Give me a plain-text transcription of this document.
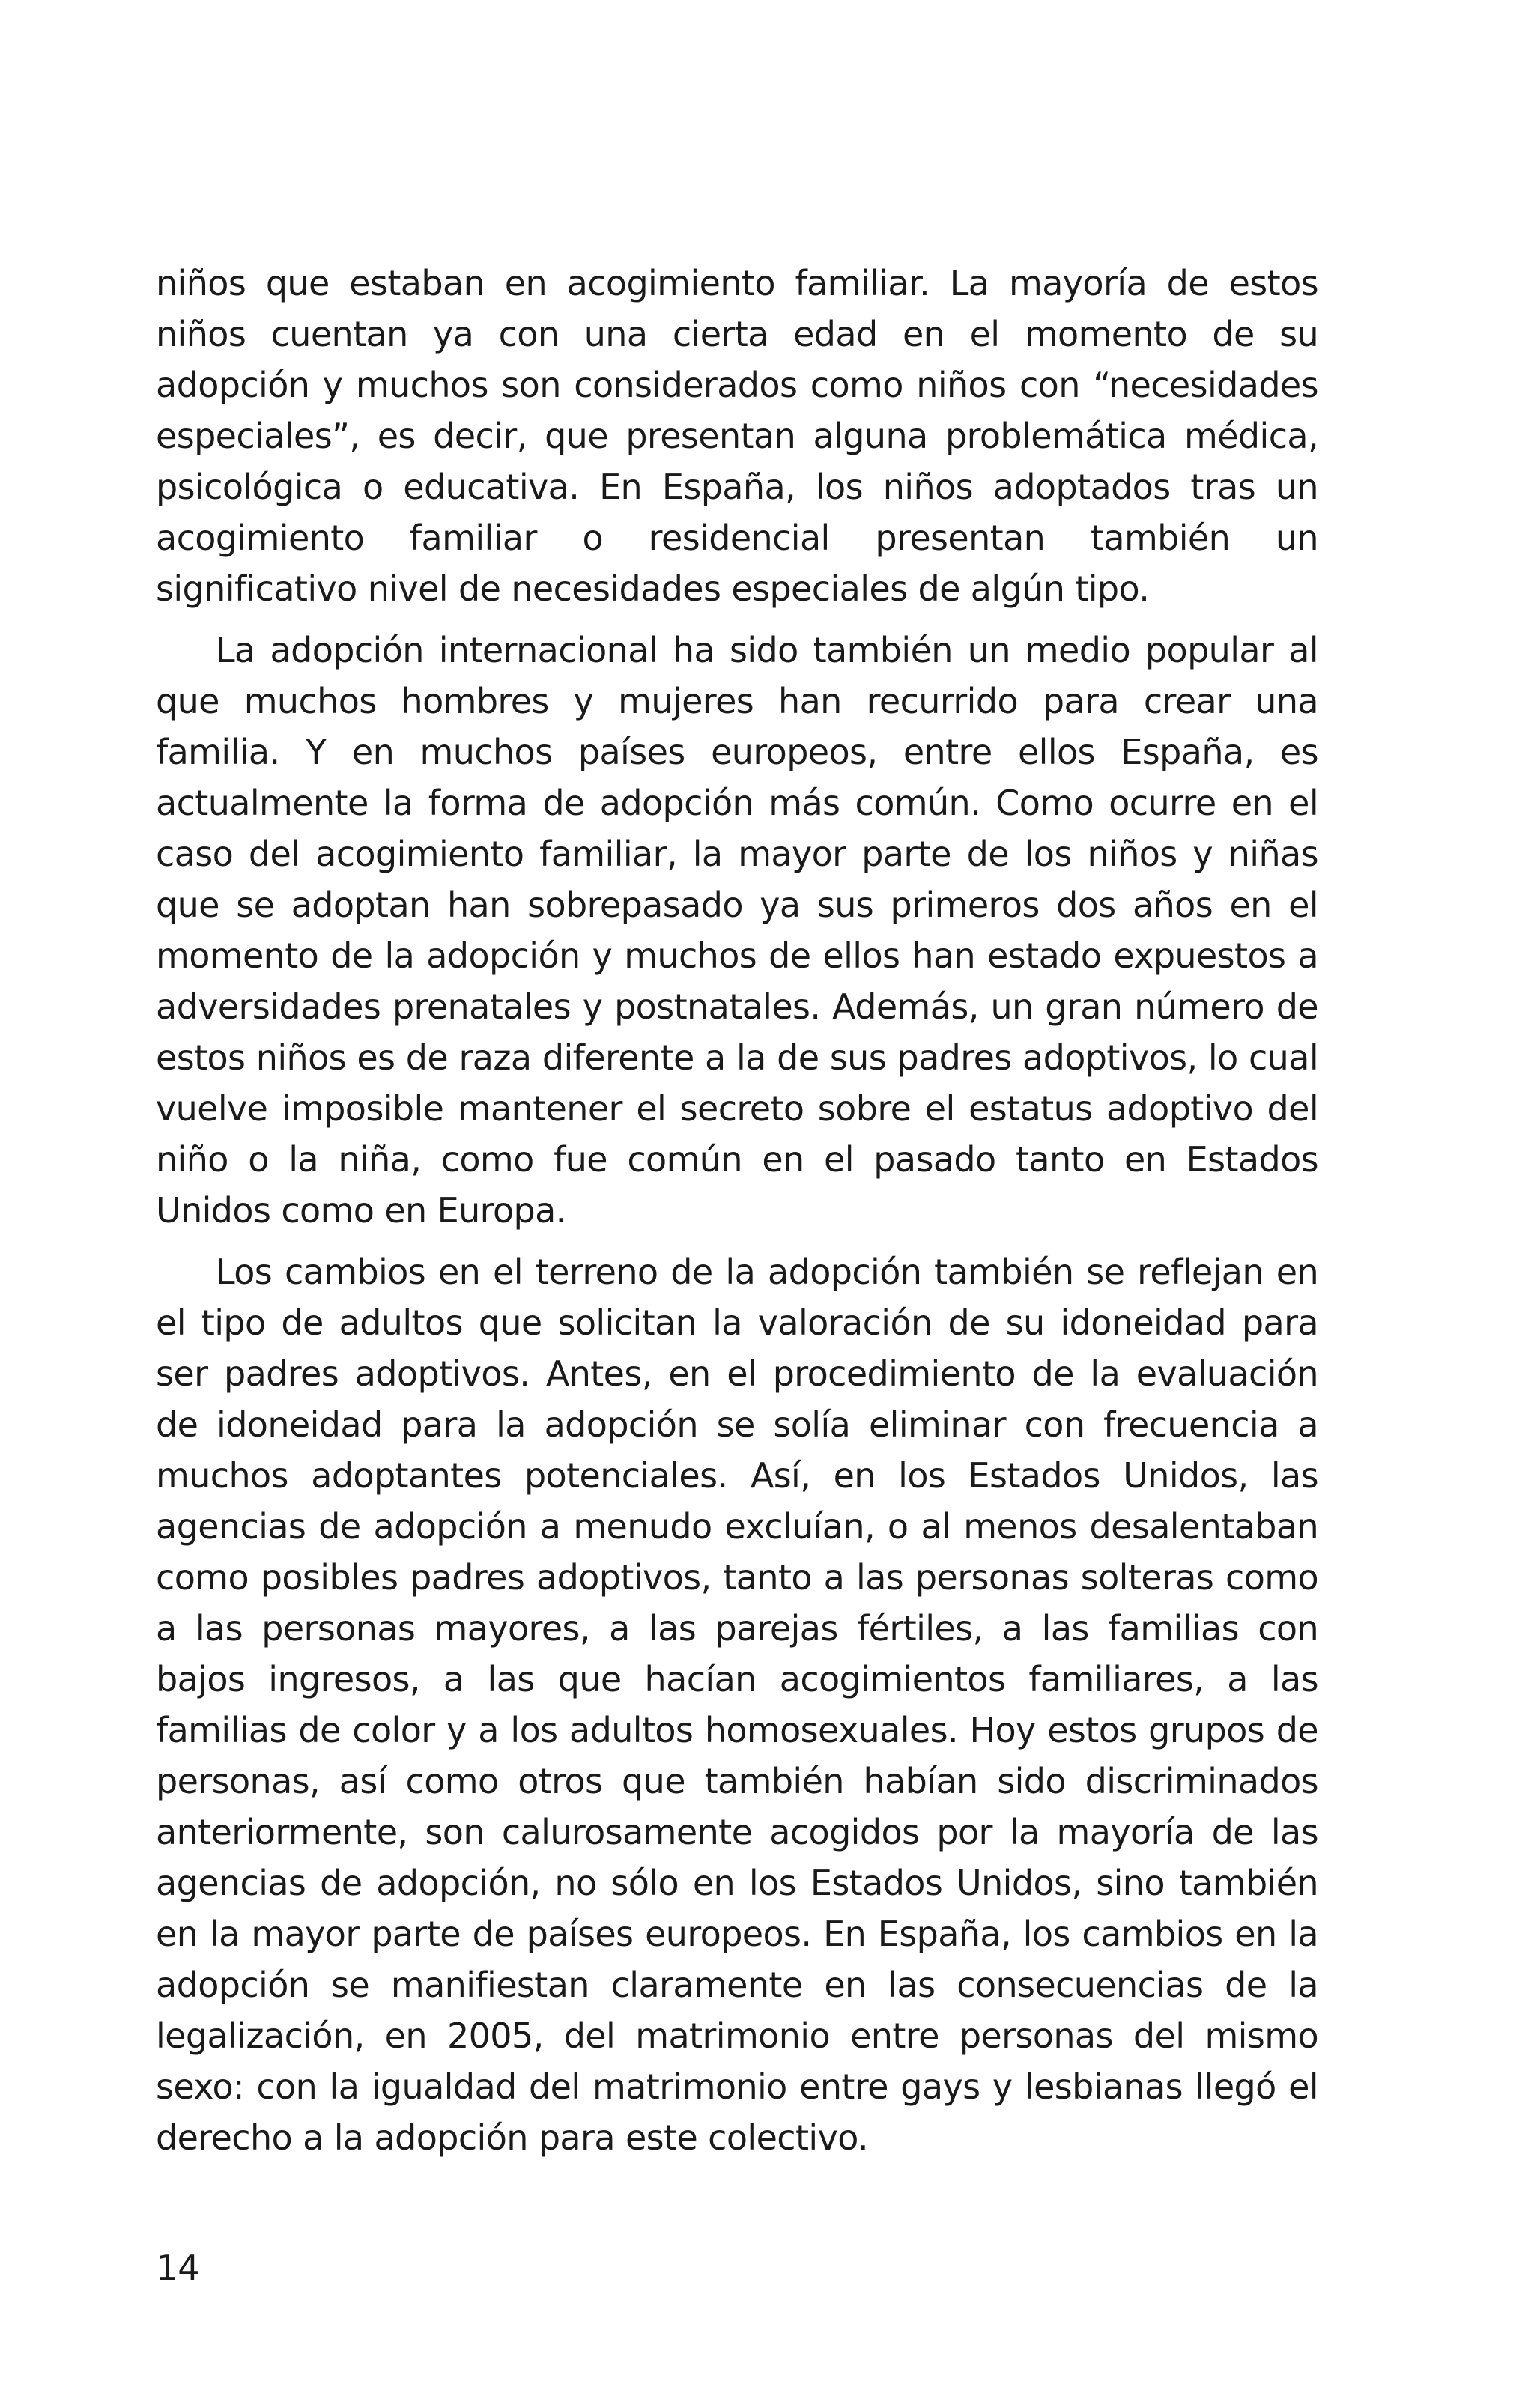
niños que estaban en acogimiento familiar. La mayoría de estos niños cuentan ya con una cierta edad en el momento de su adopción y muchos son considerados como niños con “necesidades especiales”, es decir, que presentan alguna problemática médica, psicológica o educativa. En España, los niños adoptados tras un acogimiento familiar o residencial presentan también un significativo nivel de necesidades especiales de algún tipo.

La adopción internacional ha sido también un medio popular al que muchos hombres y mujeres han recurrido para crear una familia. Y en muchos países europeos, entre ellos España, es actualmente la forma de adopción más común. Como ocurre en el caso del acogimiento familiar, la mayor parte de los niños y niñas que se adoptan han sobrepasado ya sus primeros dos años en el momento de la adopción y muchos de ellos han estado expuestos a adversidades prenatales y postnatales. Además, un gran número de estos niños es de raza diferente a la de sus padres adoptivos, lo cual vuelve imposible mantener el secreto sobre el estatus adoptivo del niño o la niña, como fue común en el pasado tanto en Estados Unidos como en Europa.

Los cambios en el terreno de la adopción también se reflejan en el tipo de adultos que solicitan la valoración de su idoneidad para ser padres adoptivos. Antes, en el procedimiento de la evaluación de idoneidad para la adopción se solía eliminar con frecuencia a muchos adoptantes potenciales. Así, en los Estados Unidos, las agencias de adopción a menudo excluían, o al menos desalentaban como posibles padres adoptivos, tanto a las personas solteras como a las personas mayores, a las parejas fértiles, a las familias con bajos ingresos, a las que hacían acogimientos familiares, a las familias de color y a los adultos homosexuales. Hoy estos grupos de personas, así como otros que también habían sido discriminados anteriormente, son calurosamente acogidos por la mayoría de las agencias de adopción, no sólo en los Estados Unidos, sino también en la mayor parte de países europeos. En España, los cambios en la adopción se manifiestan claramente en las consecuencias de la legalización, en 2005, del matrimonio entre personas del mismo sexo: con la igualdad del matrimonio entre gays y lesbianas llegó el derecho a la adopción para este colectivo.

14
